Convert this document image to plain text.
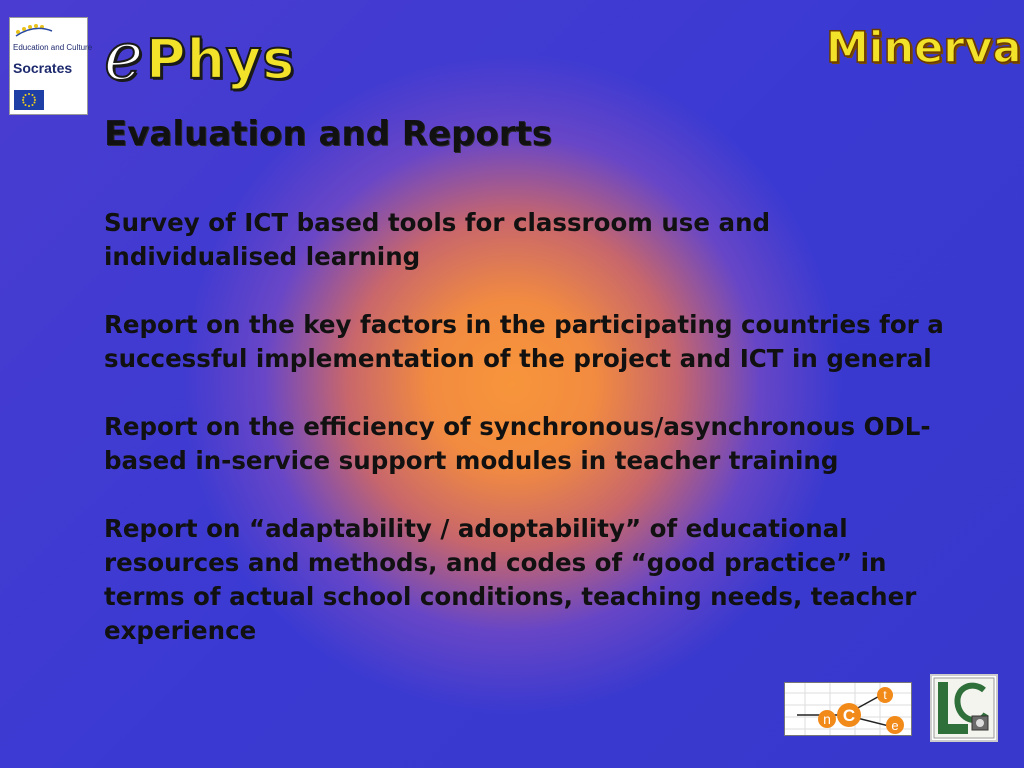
Education and Culture
Socrates e Phys	Minerva
Evaluation and Reports

Survey of ICT based tools for classroom use and individualised learning

Report on the key factors in the participating countries for a successful implementation of the project and ICT in general

Report on the efficiency of synchronous/asynchronous ODL-based in-service support modules in teacher training

Report on “adaptability / adoptability” of educational resources and methods, and codes of “good practice” in terms of actual school conditions, teaching needs, teacher experience

n C
t
e
